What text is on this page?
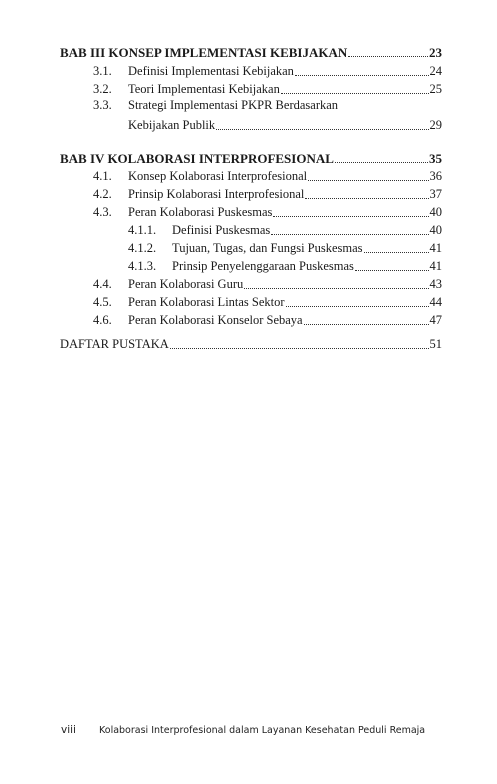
BAB III KONSEP IMPLEMENTASI KEBIJAKAN	23
3.1.	Definisi Implementasi Kebijakan	24
3.2.	Teori Implementasi Kebijakan	25
3.3. Strategi Implementasi PKPR Berdasarkan
Kebijakan Publik	29
BAB IV KOLABORASI INTERPROFESIONAL	35
4.1.	Konsep Kolaborasi Interprofesional	36
4.2.	Prinsip Kolaborasi Interprofesional	37
4.3.	Peran Kolaborasi Puskesmas	40
4.1.1.	Definisi Puskesmas	40
4.1.2.	Tujuan, Tugas, dan Fungsi Puskesmas	41
4.1.3.	Prinsip Penyelenggaraan Puskesmas	41
4.4.	Peran Kolaborasi Guru	43
4.5.	Peran Kolaborasi Lintas Sektor	44
4.6.	Peran Kolaborasi Konselor Sebaya	47
DAFTAR PUSTAKA	51
viii	Kolaborasi Interprofesional dalam Layanan Kesehatan Peduli Remaja
